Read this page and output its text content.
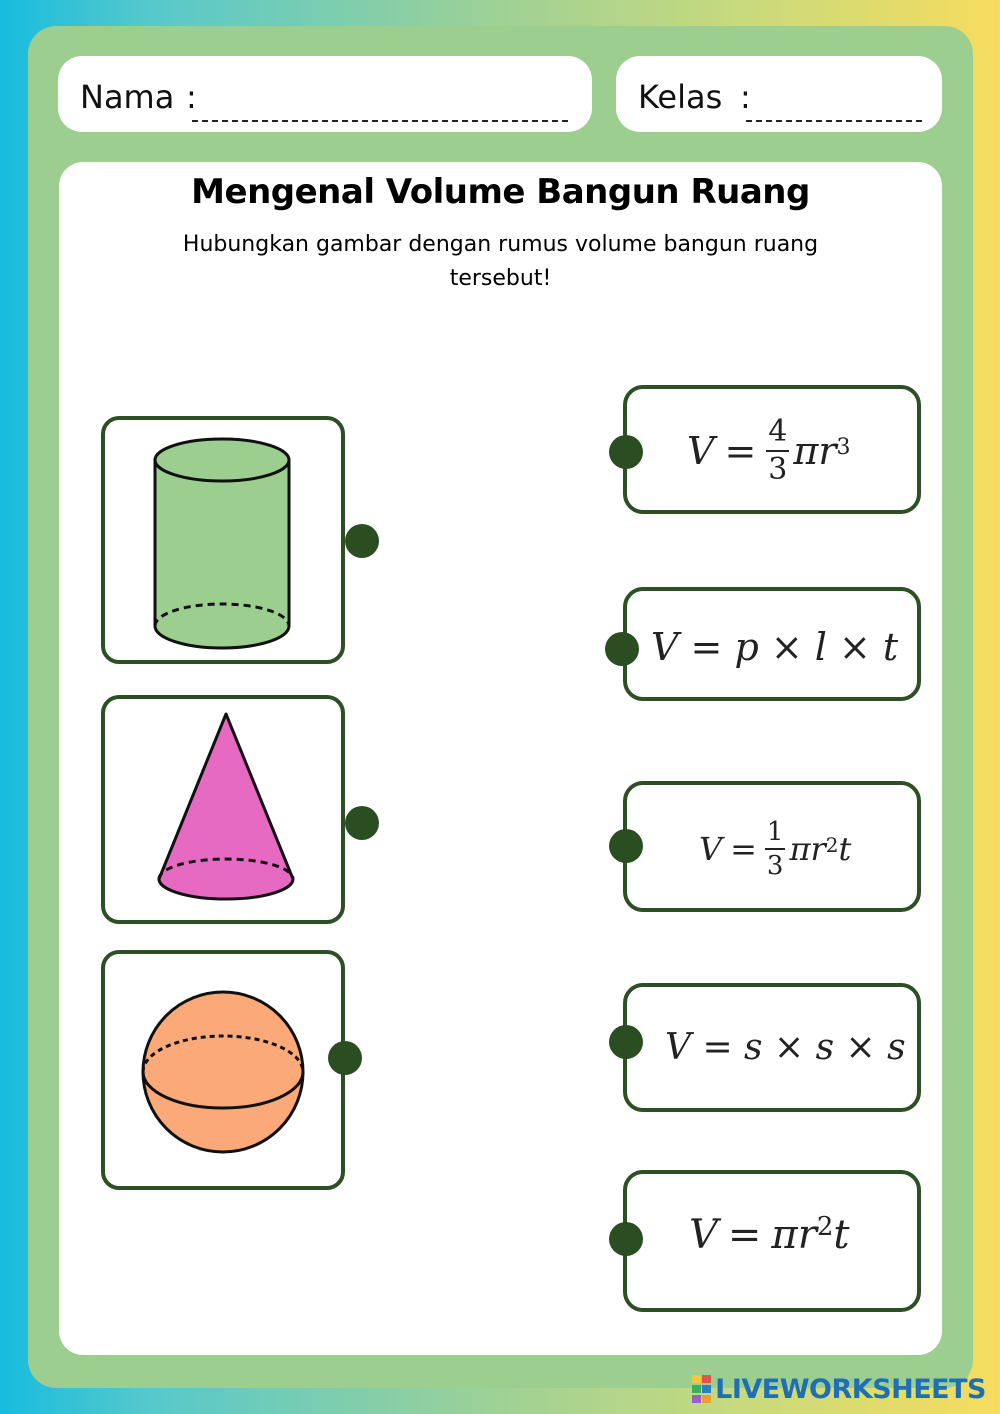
Nama :	Kelas :
Mengenal Volume Bangun Ruang
Hubungkan gambar dengan rumus volume bangun ruang tersebut!
$V = \frac{4}{3} \pi r^3$
V = p × l × t
$V = \frac{1}{3} \pi r^2$ t
V = s × s × s
$V = \pi r^2$ t
LIVEWORKSHEETS
